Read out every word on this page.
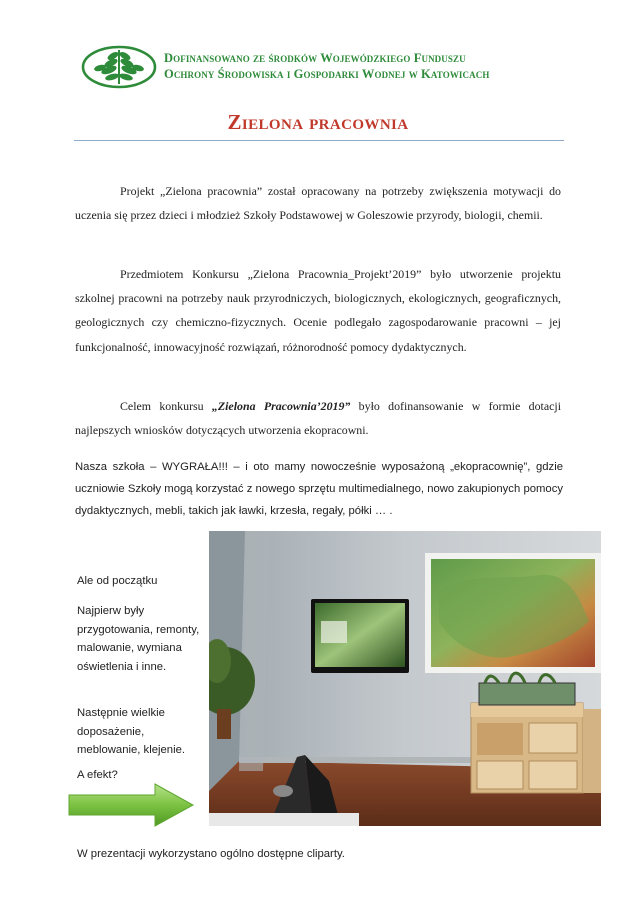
Dofinansowano ze środków Wojewódzkiego Funduszu
Ochrony Środowiska i Gospodarki Wodnej w Katowicach
Zielona pracownia

Projekt „Zielona pracownia” został opracowany na potrzeby zwiększenia motywacji do uczenia się przez dzieci i młodzież Szkoły Podstawowej w Goleszowie przyrody, biologii, chemii.

Przedmiotem Konkursu „Zielona Pracownia_Projekt’2019” było utworzenie projektu szkolnej pracowni na potrzeby nauk przyrodniczych, biologicznych, ekologicznych, geograficznych, geologicznych czy chemiczno-fizycznych. Ocenie podlegało zagospodarowanie pracowni – jej funkcjonalność, innowacyjność rozwiązań, różnorodność pomocy dydaktycznych.

Celem konkursu „Zielona Pracownia’2019” było dofinansowanie w formie dotacji najlepszych wniosków dotyczących utworzenia ekopracowni.

Nasza szkoła – WYGRAŁA!!! – i oto mamy nowocześnie wyposażoną „ekopracownię”, gdzie uczniowie Szkoły mogą korzystać z nowego sprzętu multimedialnego, nowo zakupionych pomocy dydaktycznych, mebli, takich jak ławki, krzesła, regały, półki … .

Ale od początku
Najpierw były przygotowania, remonty, malowanie, wymiana oświetlenia i inne.
Następnie wielkie doposażenie, meblowanie, klejenie.
A efekt?
W prezentacji wykorzystano ogólno dostępne cliparty.
